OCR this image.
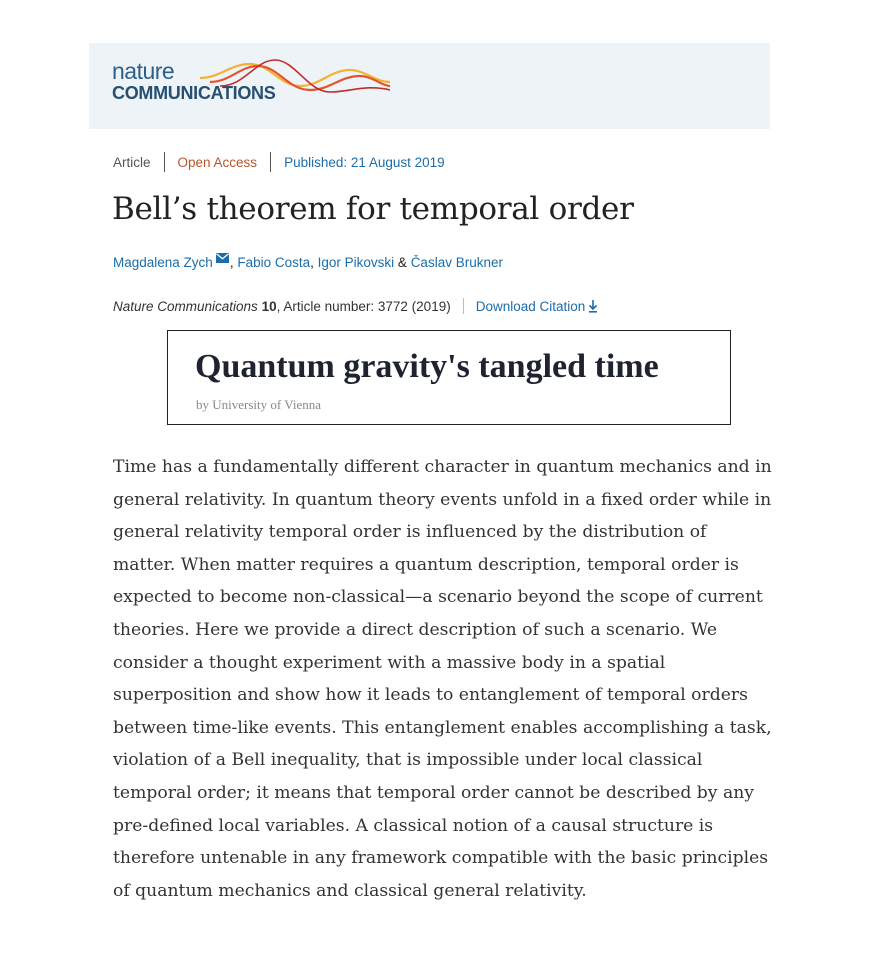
nature
COMMUNICATIONS
Article Open Access Published: 21 August 2019
Bell’s theorem for temporal order
Magdalena Zych , Fabio Costa, Igor Pikovski & Časlav Brukner
Nature Communications
10 , Article number: 3772 (2019) Download Citation
Quantum gravity's tangled time
by University of Vienna

Time has a fundamentally different character in quantum mechanics and in general relativity. In quantum theory events unfold in a fixed order while in general relativity temporal order is influenced by the distribution of matter. When matter requires a quantum description, temporal order is expected to become non-classical—a scenario beyond the scope of current theories. Here we provide a direct description of such a scenario. We consider a thought experiment with a massive body in a spatial superposition and show how it leads to entanglement of temporal orders between time-like events. This entanglement enables accomplishing a task, violation of a Bell inequality, that is impossible under local classical temporal order; it means that temporal order cannot be described by any pre-defined local variables. A classical notion of a causal structure is therefore untenable in any framework compatible with the basic principles of quantum mechanics and classical general relativity.
